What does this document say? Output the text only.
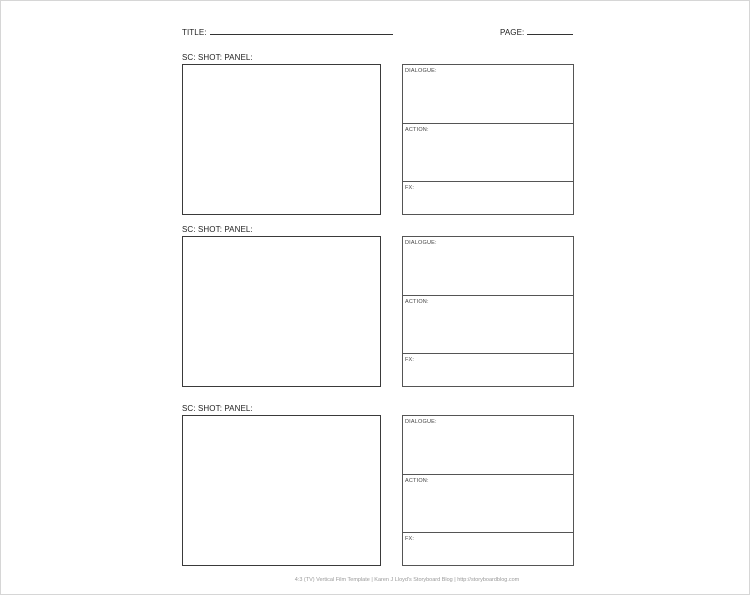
TITLE:	PAGE:
SC: SHOT: PANEL:
DIALOGUE:
ACTION:
FX:
SC: SHOT: PANEL:
DIALOGUE:
ACTION:
FX:
SC: SHOT: PANEL:
DIALOGUE:
ACTION:
FX:
4:3 (TV) Vertical Film Template | Karen J Lloyd's Storyboard Blog | http://storyboardblog.com
